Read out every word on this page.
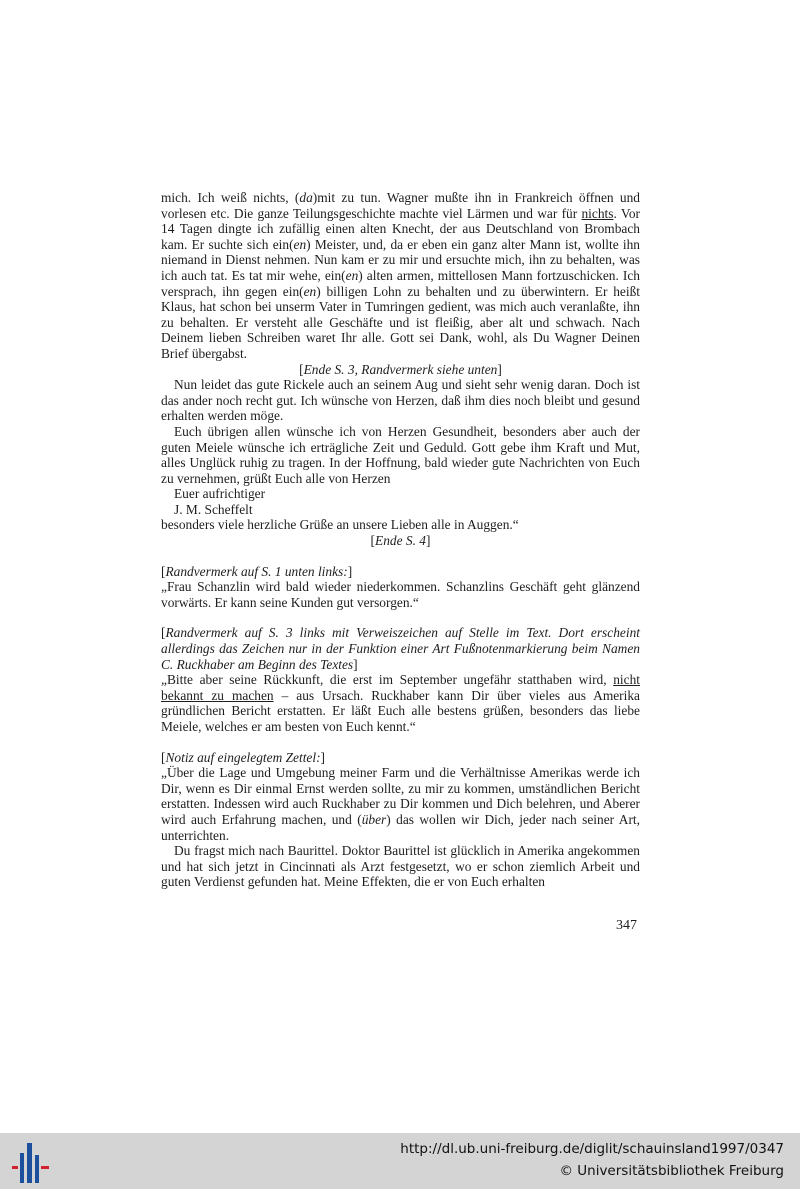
mich. Ich weiß nichts, (da)mit zu tun. Wagner mußte ihn in Frankreich öffnen und vorlesen etc. Die ganze Teilungsgeschichte machte viel Lärmen und war für nichts. Vor 14 Tagen dingte ich zufällig einen alten Knecht, der aus Deutschland von Brombach kam. Er suchte sich ein(en) Meister, und, da er eben ein ganz alter Mann ist, wollte ihn niemand in Dienst nehmen. Nun kam er zu mir und ersuchte mich, ihn zu behalten, was ich auch tat. Es tat mir wehe, ein(en) alten armen, mittellosen Mann fortzuschicken. Ich versprach, ihn gegen ein(en) billigen Lohn zu behalten und zu überwintern. Er heißt Klaus, hat schon bei unserm Vater in Tumringen gedient, was mich auch veranlaßte, ihn zu behalten. Er versteht alle Geschäfte und ist fleißig, aber alt und schwach. Nach Deinem lieben Schreiben waret Ihr alle. Gott sei Dank, wohl, als Du Wagner Deinen Brief übergabst.

[Ende S. 3, Randvermerk siehe unten]

Nun leidet das gute Rickele auch an seinem Aug und sieht sehr wenig daran. Doch ist das ander noch recht gut. Ich wünsche von Herzen, daß ihm dies noch bleibt und gesund erhalten werden möge.

Euch übrigen allen wünsche ich von Herzen Gesundheit, besonders aber auch der guten Meiele wünsche ich erträgliche Zeit und Geduld. Gott gebe ihm Kraft und Mut, alles Unglück ruhig zu tragen. In der Hoffnung, bald wieder gute Nachrichten von Euch zu vernehmen, grüßt Euch alle von Herzen

Euer aufrichtiger

J. M. Scheffelt

besonders viele herzliche Grüße an unsere Lieben alle in Auggen.“

[Ende S. 4]

[Randvermerk auf S. 1 unten links:]

„Frau Schanzlin wird bald wieder niederkommen. Schanzlins Geschäft geht glänzend vorwärts. Er kann seine Kunden gut versorgen.“

[Randvermerk auf S. 3 links mit Verweiszeichen auf Stelle im Text. Dort erscheint allerdings das Zeichen nur in der Funktion einer Art Fußnotenmarkierung beim Namen C. Ruckhaber am Beginn des Textes]

„Bitte aber seine Rückkunft, die erst im September ungefähr statthaben wird, nicht bekannt zu machen – aus Ursach. Ruckhaber kann Dir über vieles aus Amerika gründlichen Bericht erstatten. Er läßt Euch alle bestens grüßen, besonders das liebe Meiele, welches er am besten von Euch kennt.“

[Notiz auf eingelegtem Zettel:]

„Über die Lage und Umgebung meiner Farm und die Verhältnisse Amerikas werde ich Dir, wenn es Dir einmal Ernst werden sollte, zu mir zu kommen, umständlichen Bericht erstatten. Indessen wird auch Ruckhaber zu Dir kommen und Dich belehren, und Aberer wird auch Erfahrung machen, und (über) das wollen wir Dich, jeder nach seiner Art, unterrichten.

Du fragst mich nach Baurittel. Doktor Baurittel ist glücklich in Amerika angekommen und hat sich jetzt in Cincinnati als Arzt festgesetzt, wo er schon ziemlich Arbeit und guten Verdienst gefunden hat. Meine Effekten, die er von Euch erhalten

347
http://dl.ub.uni-freiburg.de/diglit/schauinsland1997/0347
© Universitätsbibliothek Freiburg
